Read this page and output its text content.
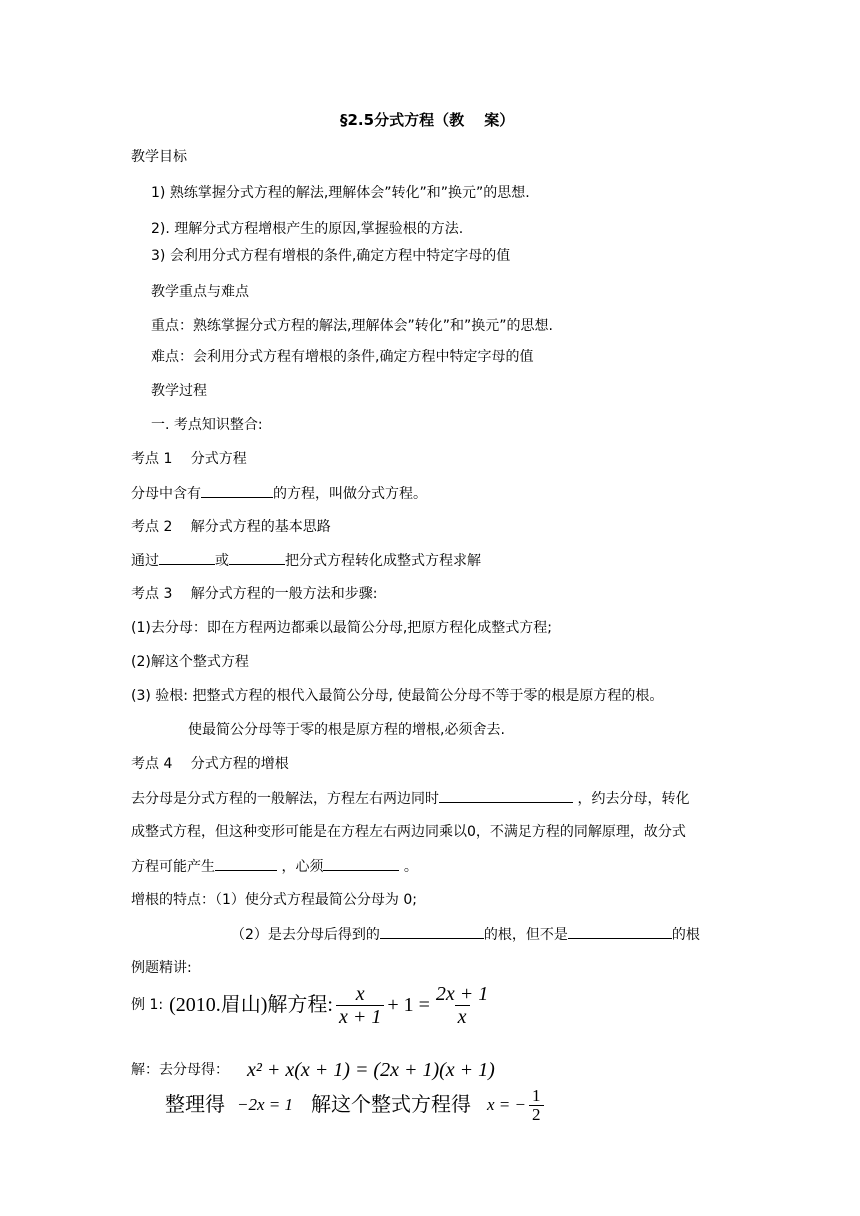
§2.5分式方程（教　 案）
教学目标
1) 熟练掌握分式方程的解法,理解体会”转化”和”换元”的思想.
2). 理解分式方程增根产生的原因,掌握验根的方法.
3) 会利用分式方程有增根的条件,确定方程中特定字母的值
教学重点与难点
重点：熟练掌握分式方程的解法,理解体会”转化”和”换元”的思想.
难点：会利用分式方程有增根的条件,确定方程中特定字母的值
教学过程
一. 考点知识整合:
考点 1　 分式方程
分母中含有	的方程，叫做分式方程。
考点 2　 解分式方程的基本思路
通过	或	把分式方程转化成整式方程求解
考点 3　 解分式方程的一般方法和步骤:
(1)去分母：即在方程两边都乘以最简公分母,把原方程化成整式方程;
(2)解这个整式方程
(3) 验根: 把整式方程的根代入最简公分母, 使最简公分母不等于零的根是原方程的根。
使最简公分母等于零的根是原方程的增根,必须舍去.
考点 4　 分式方程的增根
去分母是分式方程的一般解法，方程左右两边同时	，约去分母，转化
成整式方程，但这种变形可能是在方程左右两边同乘以0，不满足方程的同解原理，故分式
方程可能产生	，心须	。
增根的特点：（1）使分式方程最简公分母为 0;
（2）是去分母后得到的	的根，但不是	的根
例题精讲:
例 1: (2010.眉山)解方程: $\frac{x}{x + 1} + 1 = \frac{2x + 1}{x}$
解：去分母得： x² + x(x + 1) = (2x + 1)(x + 1)
整理得 −2x = 1 解这个整式方程得 x = − $\frac{1}{2}$
